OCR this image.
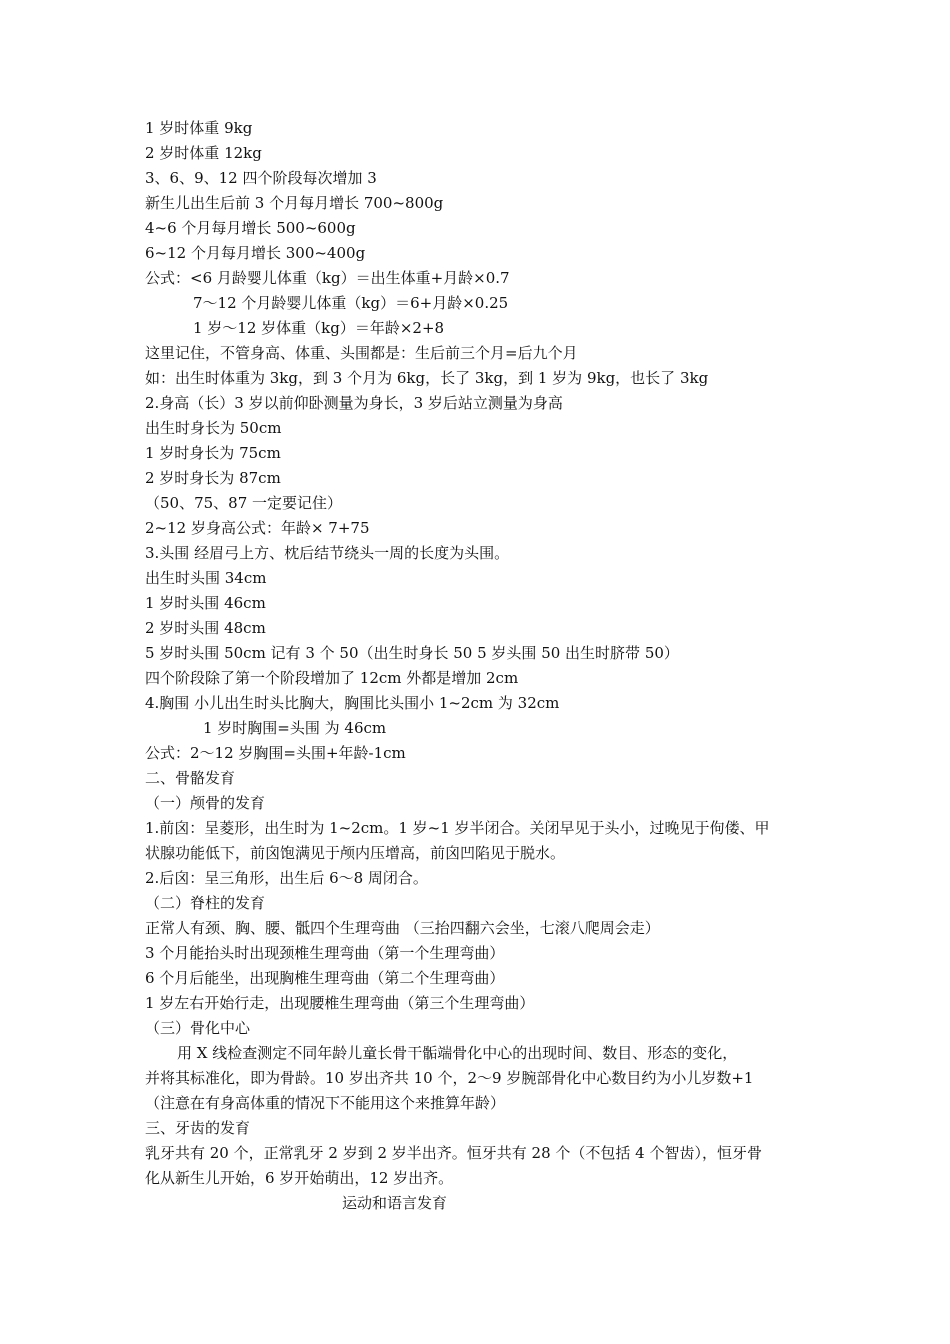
1 岁时体重 9kg
2 岁时体重 12kg
3、6、9、12 四个阶段每次增加 3
新生儿出生后前 3 个月每月增长 700~800g
4~6 个月每月增长 500~600g
6~12 个月每月增长 300~400g
公式：<6 月龄婴儿体重（kg）＝出生体重+月龄×0.7
7～12 个月龄婴儿体重（kg）＝6+月龄×0.25
1 岁～12 岁体重（kg）＝年龄×2+8
这里记住，不管身高、体重、头围都是：生后前三个月=后九个月
如：出生时体重为 3kg，到 3 个月为 6kg，长了 3kg，到 1 岁为 9kg，也长了 3kg
2.身高（长）3 岁以前仰卧测量为身长，3 岁后站立测量为身高
出生时身长为 50cm
1 岁时身长为 75cm
2 岁时身长为 87cm
（50、75、87 一定要记住）
2~12 岁身高公式：年龄× 7+75
3.头围 经眉弓上方、枕后结节绕头一周的长度为头围。
出生时头围 34cm
1 岁时头围 46cm
2 岁时头围 48cm
5 岁时头围 50cm 记有 3 个 50（出生时身长 50 5 岁头围 50 出生时脐带 50）
四个阶段除了第一个阶段增加了 12cm 外都是增加 2cm
4.胸围 小儿出生时头比胸大，胸围比头围小 1~2cm 为 32cm
1 岁时胸围=头围 为 46cm
公式：2～12 岁胸围=头围+年龄-1cm
二、骨骼发育
（一）颅骨的发育
1.前囟：呈菱形，出生时为 1~2cm。1 岁~1 岁半闭合。关闭早见于头小，过晚见于佝偻、甲
状腺功能低下，前囟饱满见于颅内压增高，前囟凹陷见于脱水。
2.后囟：呈三角形，出生后 6～8 周闭合。
（二）脊柱的发育
正常人有颈、胸、腰、骶四个生理弯曲 （三抬四翻六会坐，七滚八爬周会走）
3 个月能抬头时出现颈椎生理弯曲（第一个生理弯曲）
6 个月后能坐，出现胸椎生理弯曲（第二个生理弯曲）
1 岁左右开始行走，出现腰椎生理弯曲（第三个生理弯曲）
（三）骨化中心
用 X 线检查测定不同年龄儿童长骨干骺端骨化中心的出现时间、数目、形态的变化，
并将其标准化，即为骨龄。10 岁出齐共 10 个，2～9 岁腕部骨化中心数目约为小儿岁数+1
（注意在有身高体重的情况下不能用这个来推算年龄）
三、牙齿的发育
乳牙共有 20 个，正常乳牙 2 岁到 2 岁半出齐。恒牙共有 28 个（不包括 4 个智齿），恒牙骨
化从新生儿开始，6 岁开始萌出，12 岁出齐。
运动和语言发育
